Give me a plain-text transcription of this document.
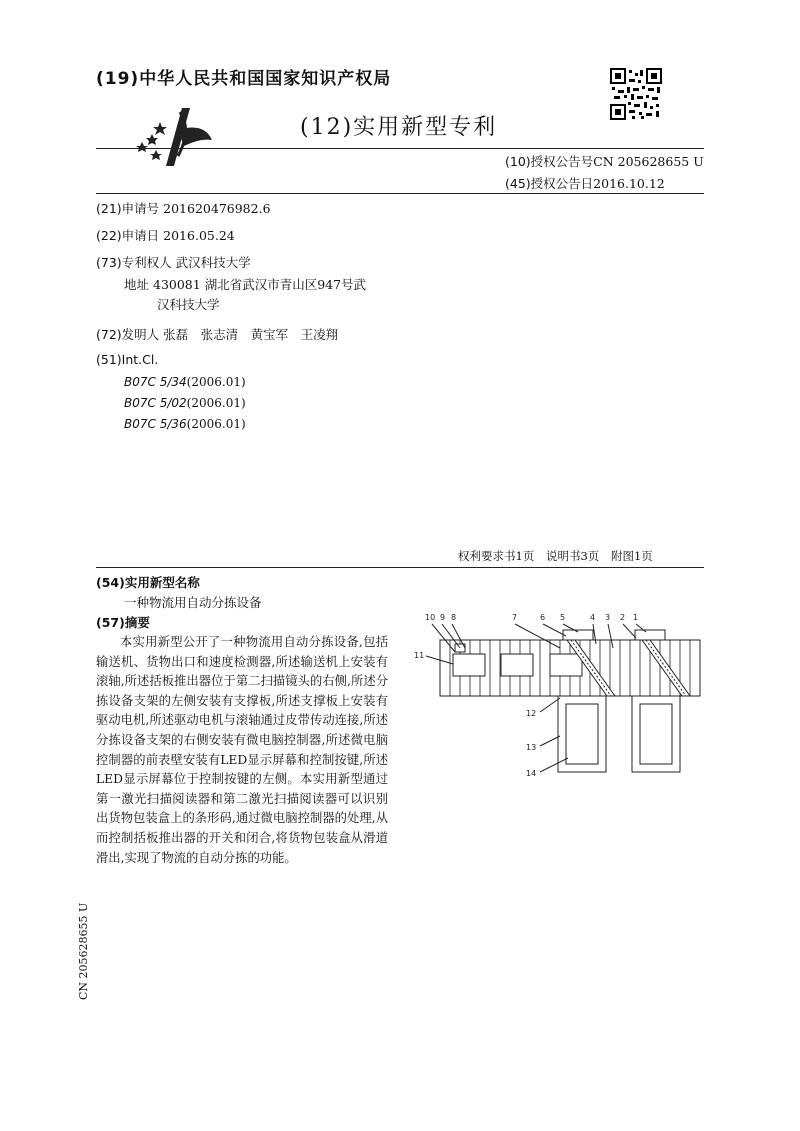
(19)中华人民共和国国家知识产权局
(12)实用新型专利
(10)授权公告号CN 205628655 U
(45)授权公告日2016.10.12
(21)申请号 201620476982.6
(22)申请日 2016.05.24
(73)专利权人 武汉科技大学
地址 430081 湖北省武汉市青山区947号武
汉科技大学
(72)发明人 张磊　张志清　黄宝军　王凌翔
(51)Int.Cl.
B07C 5/34(2006.01)
B07C 5/02(2006.01)
B07C 5/36(2006.01)
权利要求书1页 说明书3页 附图1页
(54)实用新型名称
一种物流用自动分拣设备
(57)摘要
本实用新型公开了一种物流用自动分拣设备,包括输送机、货物出口和速度检测器,所述输送机上安装有滚轴,所述括板推出器位于第二扫描镜头的右侧,所述分拣设备支架的左侧安装有支撑板,所述支撑板上安装有驱动电机,所述驱动电机与滚轴通过皮带传动连接,所述分拣设备支架的右侧安装有微电脑控制器,所述微电脑控制器的前表壁安装有LED显示屏幕和控制按键,所述LED显示屏幕位于控制按键的左侧。本实用新型通过第一激光扫描阅读器和第二激光扫描阅读器可以识别出货物包装盒上的条形码,通过微电脑控制器的处理,从而控制括板推出器的开关和闭合,将货物包装盒从滑道滑出,实现了物流的自动分拣的功能。
CN 205628655 U
10 9 8	7	6 5	4 3 2 1
11
12
13
14
